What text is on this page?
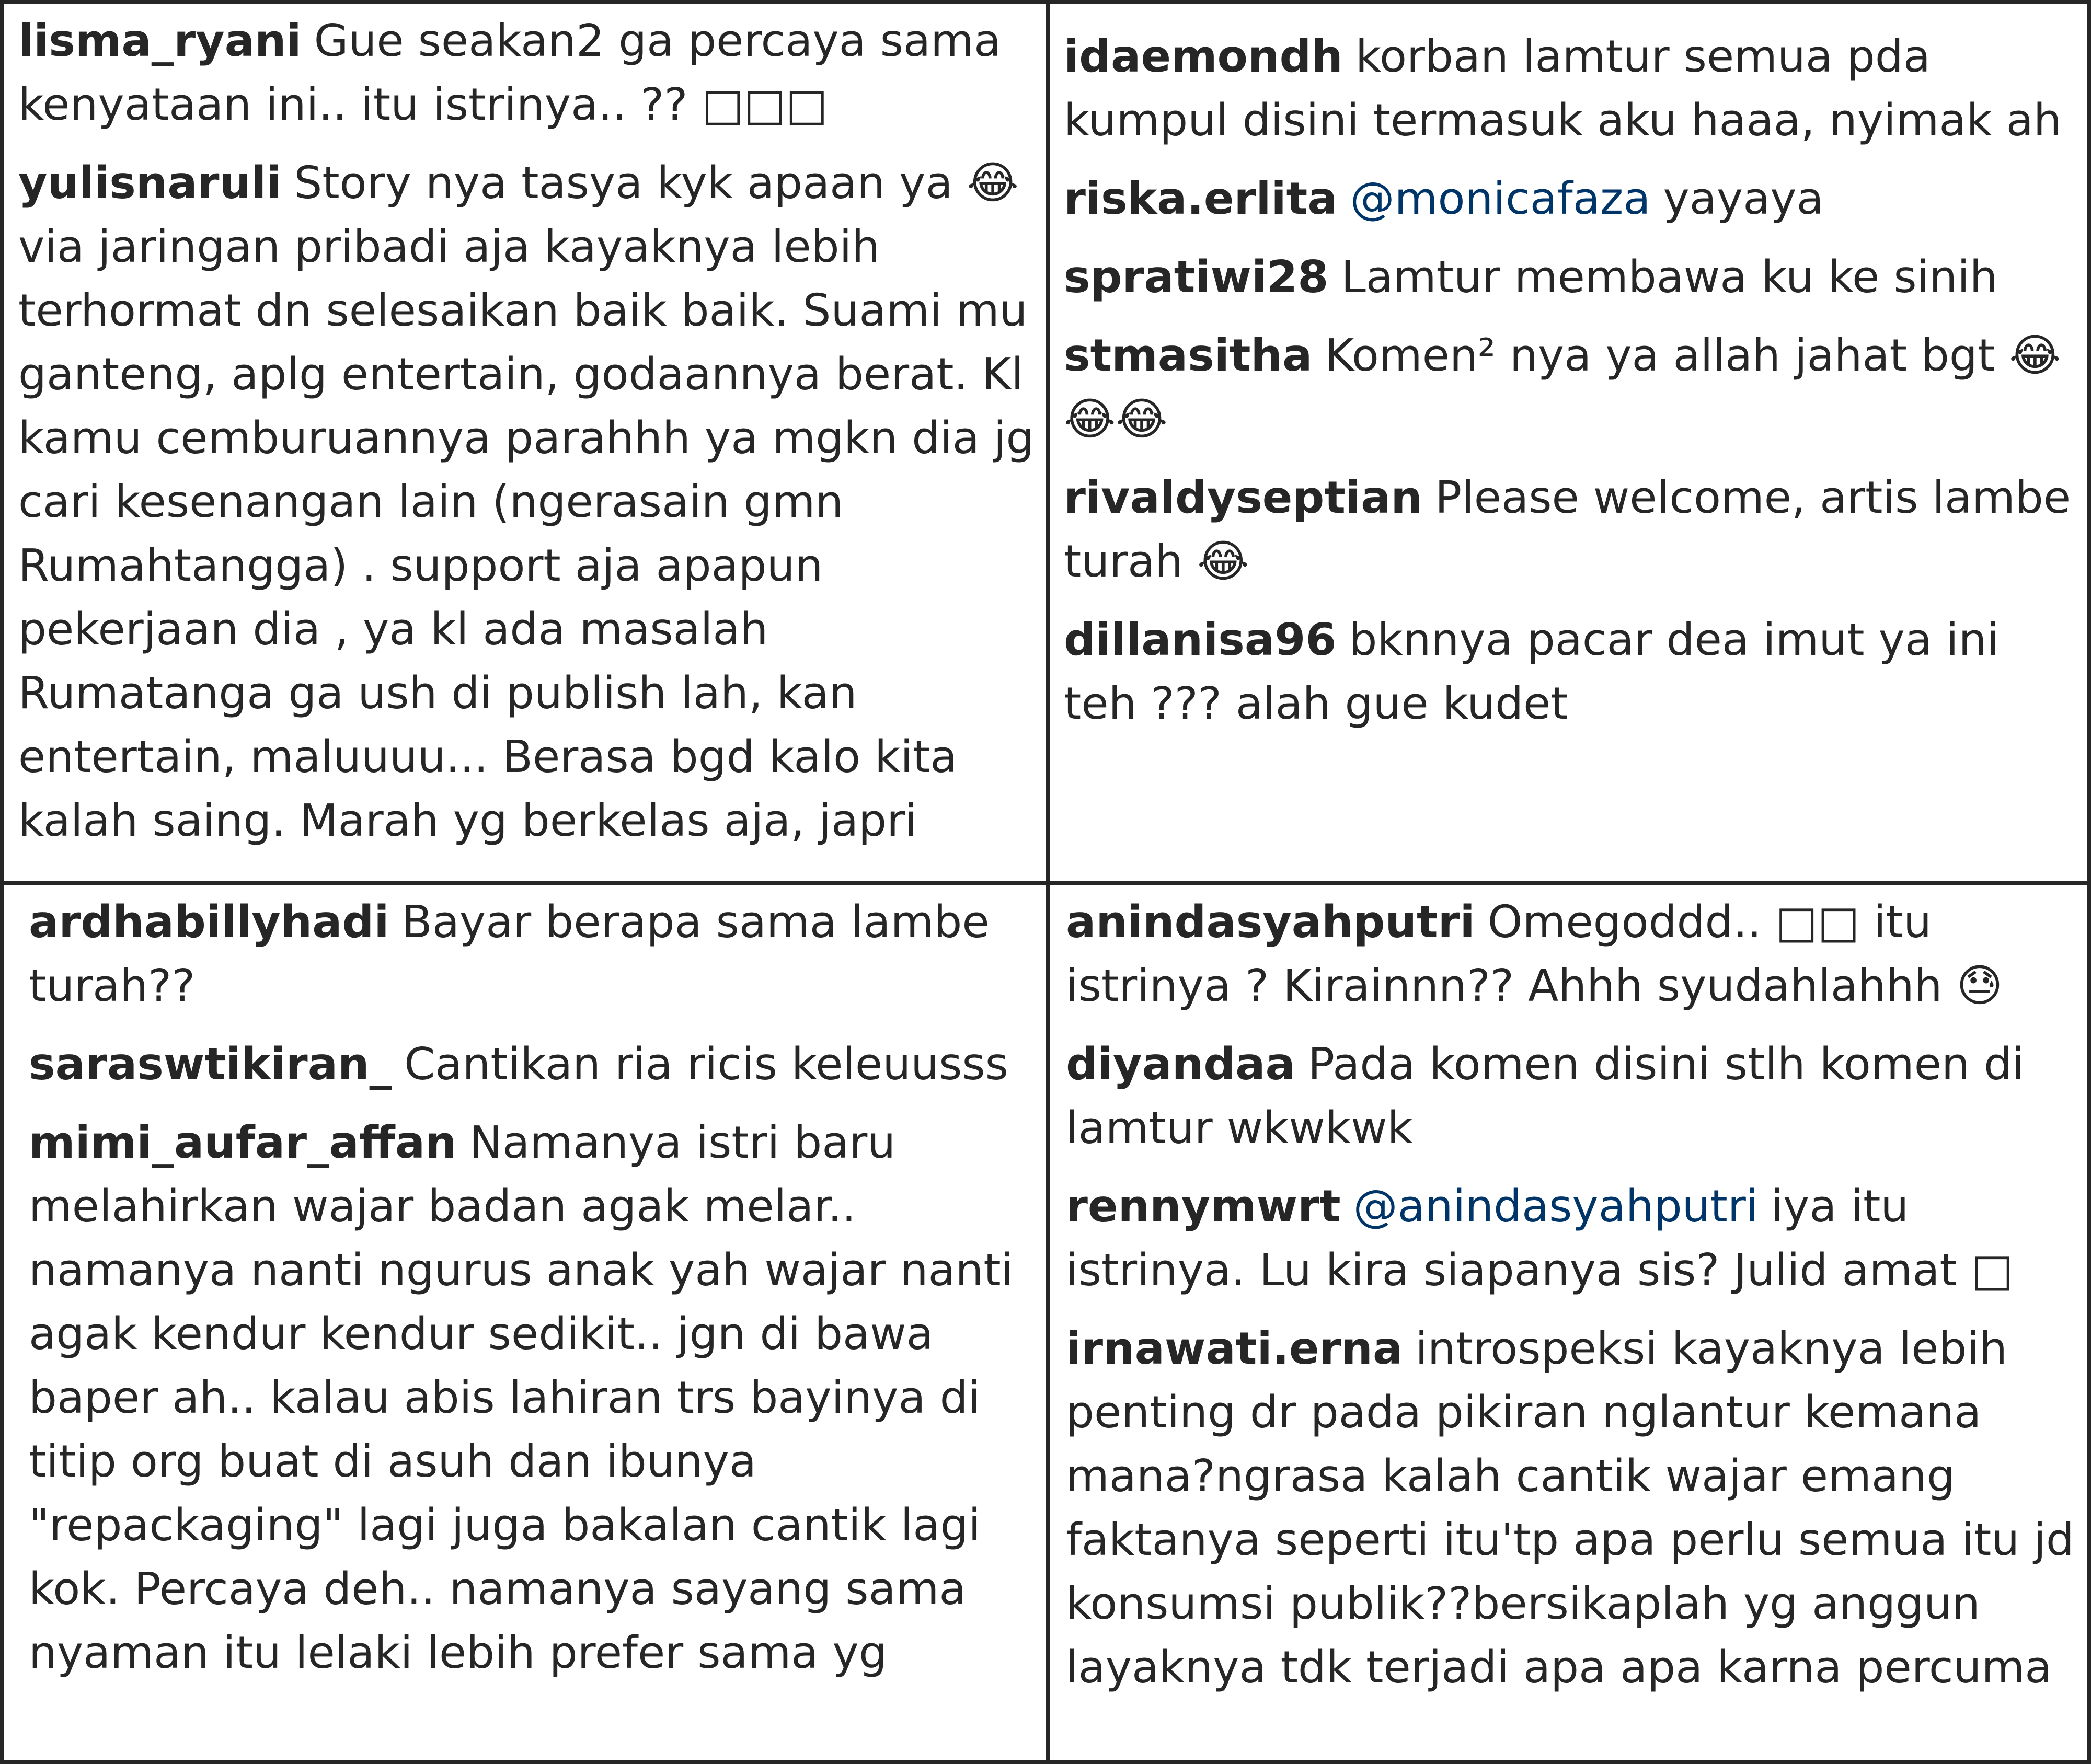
lisma_ryani Gue seakan2 ga percaya sama kenyataan ini.. itu istrinya.. ?? □□□

yulisnaruli Story nya tasya kyk apaan ya 😂 via jaringan pribadi aja kayaknya lebih terhormat dn selesaikan baik baik. Suami mu ganteng, aplg entertain, godaannya berat. Kl kamu cemburuannya parahhh ya mgkn dia jg cari kesenangan lain (ngerasain gmn Rumahtangga) . support aja apapun pekerjaan dia , ya kl ada masalah Rumatanga ga ush di publish lah, kan entertain, maluuuu... Berasa bgd kalo kita kalah saing. Marah yg berkelas aja, japri

idaemondh korban lamtur semua pda kumpul disini termasuk aku haaa, nyimak ah

riska.erlita @monicafaza yayaya

spratiwi28 Lamtur membawa ku ke sinih

stmasitha Komen² nya ya allah jahat bgt 😂 😂😂

rivaldyseptian Please welcome, artis lambe turah 😂

dillanisa96 bknnya pacar dea imut ya ini teh ??? alah gue kudet

ardhabillyhadi Bayar berapa sama lambe turah??

saraswtikiran_ Cantikan ria ricis keleuusss

mimi_aufar_affan Namanya istri baru melahirkan wajar badan agak melar.. namanya nanti ngurus anak yah wajar nanti agak kendur kendur sedikit.. jgn di bawa baper ah.. kalau abis lahiran trs bayinya di titip org buat di asuh dan ibunya "repackaging" lagi juga bakalan cantik lagi kok. Percaya deh.. namanya sayang sama nyaman itu lelaki lebih prefer sama yg

anindasyahputri Omegoddd.. □□ itu istrinya ? Kirainnn?? Ahhh syudahlahhh 😓

diyandaa Pada komen disini stlh komen di lamtur wkwkwk

rennymwrt @anindasyahputri iya itu istrinya. Lu kira siapanya sis? Julid amat □

irnawati.erna introspeksi kayaknya lebih penting dr pada pikiran nglantur kemana mana?ngrasa kalah cantik wajar emang faktanya seperti itu'tp apa perlu semua itu jd konsumsi publik??bersikaplah yg anggun layaknya tdk terjadi apa apa karna percuma
